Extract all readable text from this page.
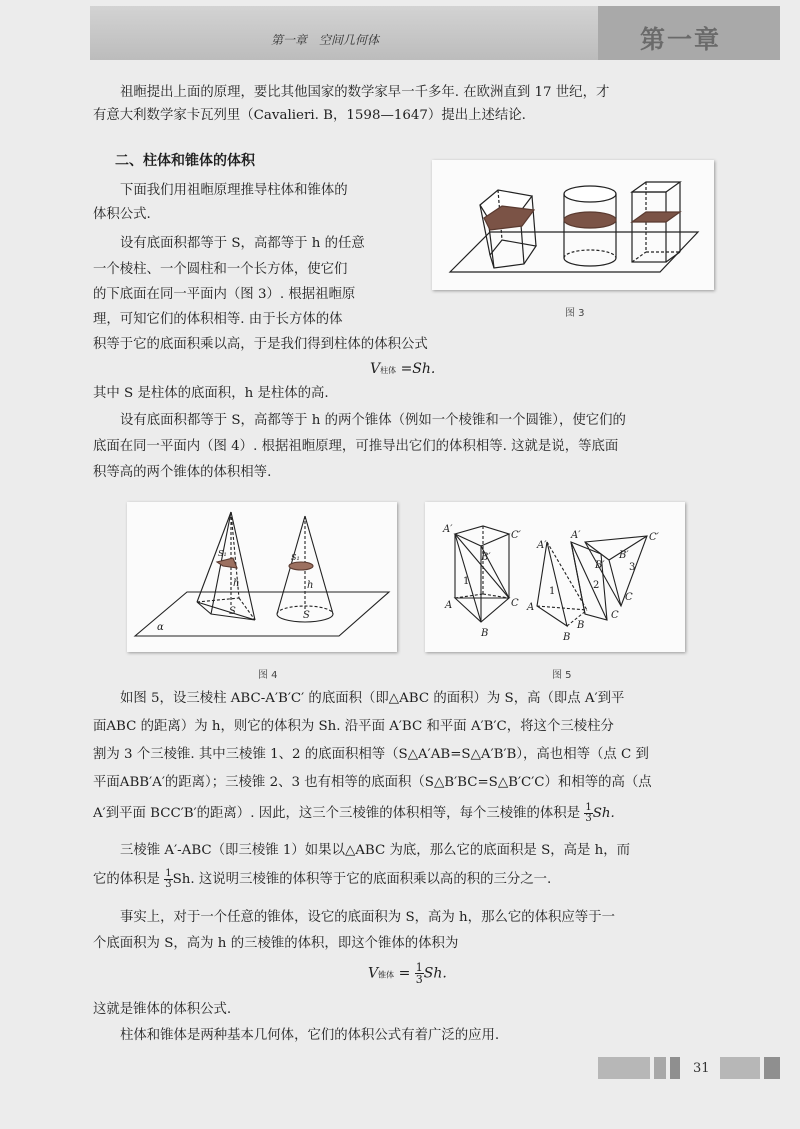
第一章　空间几何体	第一章

祖暅提出上面的原理，要比其他国家的数学家早一千多年. 在欧洲直到 17 世纪，才

有意大利数学家卡瓦列里（Cavalieri. B，1598—1647）提出上述结论.

二、柱体和锥体的体积

下面我们用祖暅原理推导柱体和锥体的

体积公式.

设有底面积都等于 S，高都等于 h 的任意

一个棱柱、一个圆柱和一个长方体，使它们

的下底面在同一平面内（图 3）. 根据祖暅原

理，可知它们的体积相等. 由于长方体的体

积等于它的底面积乘以高，于是我们得到柱体的体积公式

V柱体 =Sh.

其中 S 是柱体的底面积，h 是柱体的高.

设有底面积都等于 S，高都等于 h 的两个锥体（例如一个棱锥和一个圆锥），使它们的

底面在同一平面内（图 4）. 根据祖暅原理，可推导出它们的体积相等. 这就是说，等底面

积等高的两个锥体的体积相等.

图 3
α
h	h
S	S
S₁	S₁
图 4
A′
B′
C′
A
B
C
1
A′
A
1
B
A′
B′
2
B
C
C′
B′
3
C
图 5

如图 5，设三棱柱 ABC-A′B′C′ 的底面积（即△ABC 的面积）为 S，高（即点 A′到平

面ABC 的距离）为 h，则它的体积为 Sh. 沿平面 A′BC 和平面 A′B′C，将这个三棱柱分

割为 3 个三棱锥. 其中三棱锥 1、2 的底面积相等（S△A′AB=S△A′B′B），高也相等（点 C 到

平面ABB′A′的距离）；三棱锥 2、3 也有相等的底面积（S△B′BC=S△B′C′C）和相等的高（点

A′到平面 BCC′B′的距离）. 因此，这三个三棱锥的体积相等，每个三棱锥的体积是 $\frac{1}{3} Sh$.

三棱锥 A′-ABC（即三棱锥 1）如果以△ABC 为底，那么它的底面积是 S，高是 h，而

它的体积是 $\frac{1}{3} Sh$. 这说明三棱锥的体积等于它的底面积乘以高的积的三分之一.

事实上，对于一个任意的锥体，设它的底面积为 S，高为 h，那么它的体积应等于一

个底面积为 S，高为 h 的三棱锥的体积，即这个锥体的体积为

V锥体 = $\frac{1}{3} Sh$.

这就是锥体的体积公式.

柱体和锥体是两种基本几何体，它们的体积公式有着广泛的应用.

31
